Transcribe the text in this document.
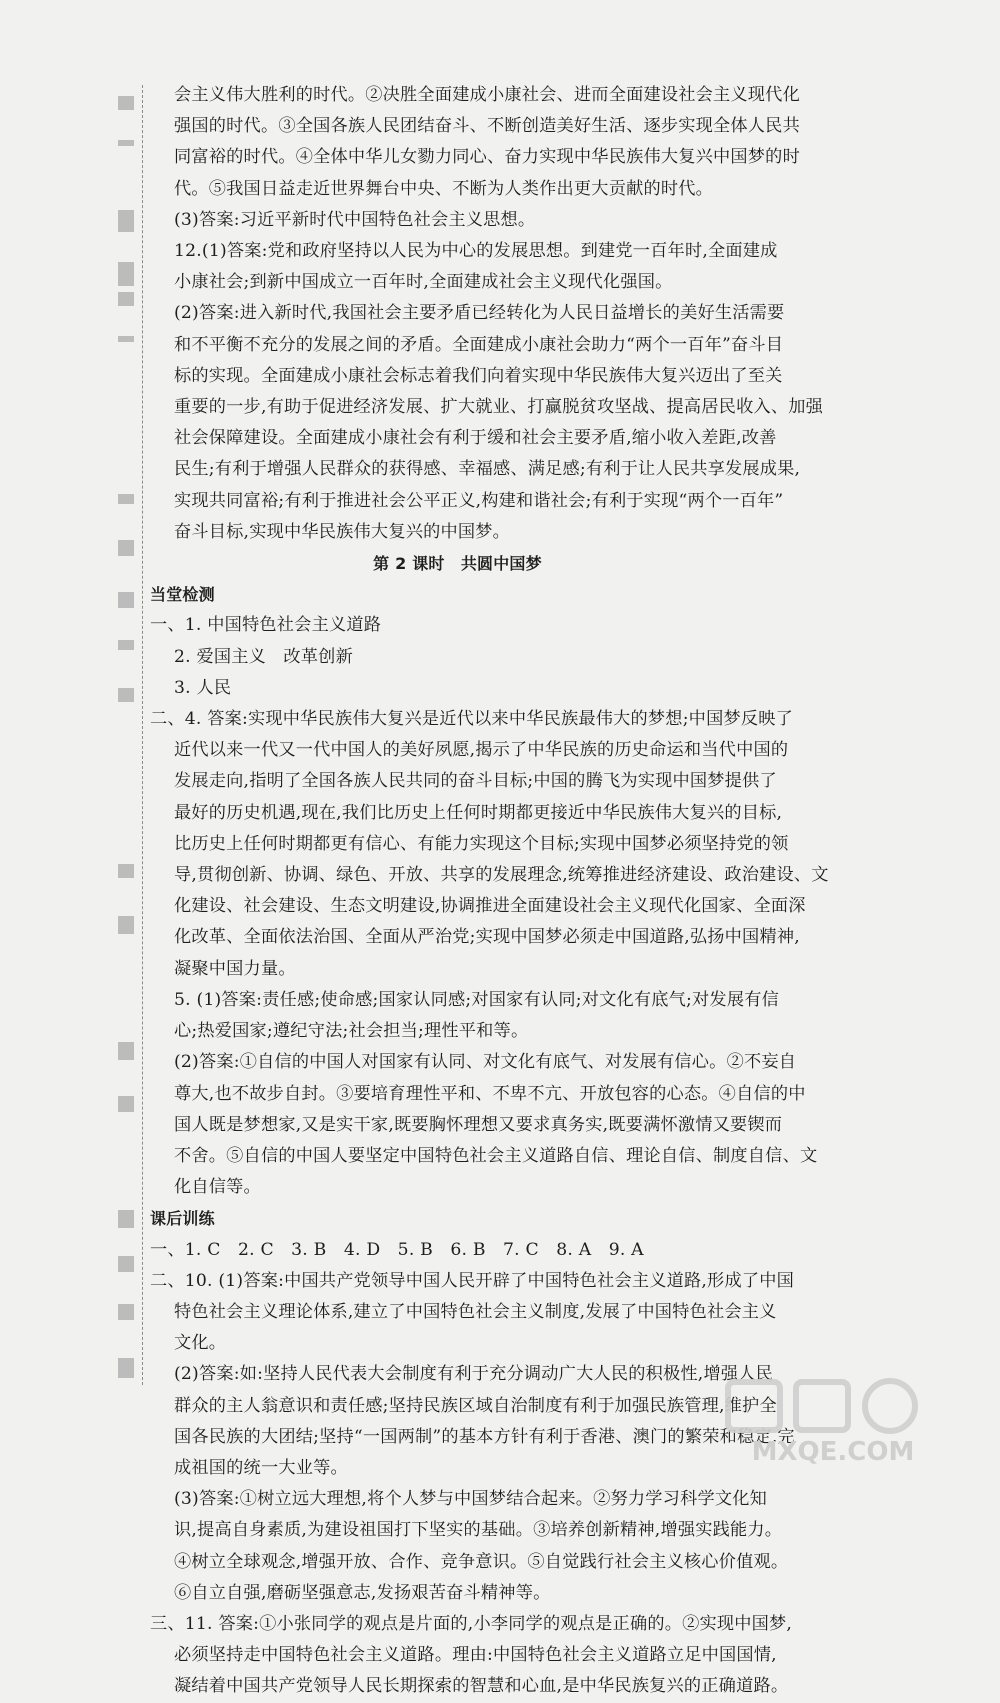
会主义伟大胜利的时代。②决胜全面建成小康社会、进而全面建设社会主义现代化
强国的时代。③全国各族人民团结奋斗、不断创造美好生活、逐步实现全体人民共
同富裕的时代。④全体中华儿女勠力同心、奋力实现中华民族伟大复兴中国梦的时
代。⑤我国日益走近世界舞台中央、不断为人类作出更大贡献的时代。
(3)答案:习近平新时代中国特色社会主义思想。
12.(1)答案:党和政府坚持以人民为中心的发展思想。到建党一百年时,全面建成
小康社会;到新中国成立一百年时,全面建成社会主义现代化强国。
(2)答案:进入新时代,我国社会主要矛盾已经转化为人民日益增长的美好生活需要
和不平衡不充分的发展之间的矛盾。全面建成小康社会助力“两个一百年”奋斗目
标的实现。全面建成小康社会标志着我们向着实现中华民族伟大复兴迈出了至关
重要的一步,有助于促进经济发展、扩大就业、打赢脱贫攻坚战、提高居民收入、加强
社会保障建设。全面建成小康社会有利于缓和社会主要矛盾,缩小收入差距,改善
民生;有利于增强人民群众的获得感、幸福感、满足感;有利于让人民共享发展成果,
实现共同富裕;有利于推进社会公平正义,构建和谐社会;有利于实现“两个一百年”
奋斗目标,实现中华民族伟大复兴的中国梦。
第 2 课时　共圆中国梦
当堂检测
一、1. 中国特色社会主义道路
2. 爱国主义　改革创新
3. 人民
二、4. 答案:实现中华民族伟大复兴是近代以来中华民族最伟大的梦想;中国梦反映了
近代以来一代又一代中国人的美好夙愿,揭示了中华民族的历史命运和当代中国的
发展走向,指明了全国各族人民共同的奋斗目标;中国的腾飞为实现中国梦提供了
最好的历史机遇,现在,我们比历史上任何时期都更接近中华民族伟大复兴的目标,
比历史上任何时期都更有信心、有能力实现这个目标;实现中国梦必须坚持党的领
导,贯彻创新、协调、绿色、开放、共享的发展理念,统筹推进经济建设、政治建设、文
化建设、社会建设、生态文明建设,协调推进全面建设社会主义现代化国家、全面深
化改革、全面依法治国、全面从严治党;实现中国梦必须走中国道路,弘扬中国精神,
凝聚中国力量。
5. (1)答案:责任感;使命感;国家认同感;对国家有认同;对文化有底气;对发展有信
心;热爱国家;遵纪守法;社会担当;理性平和等。
(2)答案:①自信的中国人对国家有认同、对文化有底气、对发展有信心。②不妄自
尊大,也不故步自封。③要培育理性平和、不卑不亢、开放包容的心态。④自信的中
国人既是梦想家,又是实干家,既要胸怀理想又要求真务实,既要满怀激情又要锲而
不舍。⑤自信的中国人要坚定中国特色社会主义道路自信、理论自信、制度自信、文
化自信等。
课后训练
一、1. C　2. C　3. B　4. D　5. B　6. B　7. C　8. A　9. A
二、10. (1)答案:中国共产党领导中国人民开辟了中国特色社会主义道路,形成了中国
特色社会主义理论体系,建立了中国特色社会主义制度,发展了中国特色社会主义
文化。
(2)答案:如:坚持人民代表大会制度有利于充分调动广大人民的积极性,增强人民
群众的主人翁意识和责任感;坚持民族区域自治制度有利于加强民族管理,维护全
国各民族的大团结;坚持“一国两制”的基本方针有利于香港、澳门的繁荣和稳定,完
成祖国的统一大业等。
(3)答案:①树立远大理想,将个人梦与中国梦结合起来。②努力学习科学文化知
识,提高自身素质,为建设祖国打下坚实的基础。③培养创新精神,增强实践能力。
④树立全球观念,增强开放、合作、竞争意识。⑤自觉践行社会主义核心价值观。
⑥自立自强,磨砺坚强意志,发扬艰苦奋斗精神等。
三、11. 答案:①小张同学的观点是片面的,小李同学的观点是正确的。②实现中国梦,
必须坚持走中国特色社会主义道路。理由:中国特色社会主义道路立足中国国情,
凝结着中国共产党领导人民长期探索的智慧和心血,是中华民族复兴的正确道路。
MXQE.COM
